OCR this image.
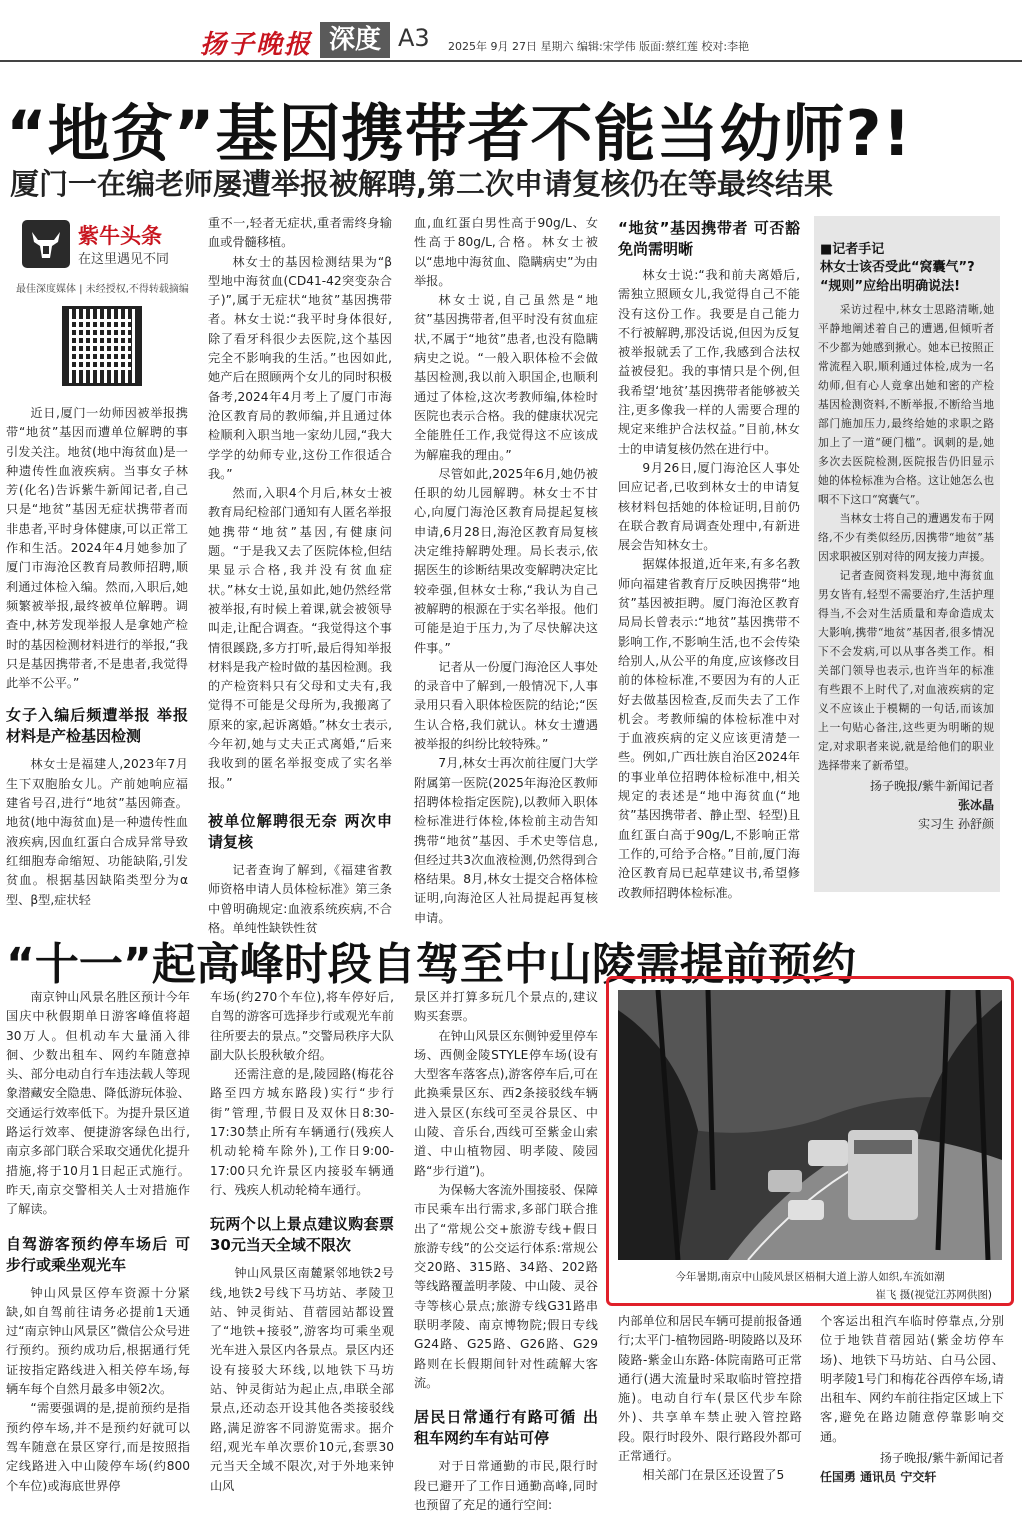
扬子晚报 深度 A3 2025年 9月 27日 星期六 编辑:宋学伟 版面:蔡红莲 校对:李艳
“地贫”基因携带者不能当幼师?!
厦门一在编老师屡遭举报被解聘,第二次申请复核仍在等最终结果
紫牛头条
在这里遇见不同
最佳深度媒体 | 未经授权,不得转载摘编

近日,厦门一幼师因被举报携带“地贫”基因而遭单位解聘的事引发关注。地贫(地中海贫血)是一种遗传性血液疾病。当事女子林芳(化名)告诉紫牛新闻记者,自己只是“地贫”基因无症状携带者而非患者,平时身体健康,可以正常工作和生活。2024年4月她参加了厦门市海沧区教育局教师招聘,顺利通过体检入编。然而,入职后,她频繁被举报,最终被单位解聘。调查中,林芳发现举报人是拿她产检时的基因检测材料进行的举报,“我只是基因携带者,不是患者,我觉得此举不公平。”

女子入编后频遭举报 举报材料是产检基因检测

林女士是福建人,2023年7月生下双胞胎女儿。产前她响应福建省号召,进行“地贫”基因筛查。地贫(地中海贫血)是一种遗传性血液疾病,因血红蛋白合成异常导致红细胞寿命缩短、功能缺陷,引发贫血。根据基因缺陷类型分为α型、β型,症状轻

重不一,轻者无症状,重者需终身输血或骨髓移植。

林女士的基因检测结果为“β型地中海贫血(CD41-42突变杂合子)”,属于无症状“地贫”基因携带者。林女士说:“我平时身体很好,除了看牙科很少去医院,这个基因完全不影响我的生活。”也因如此,她产后在照顾两个女儿的同时积极备考,2024年4月考上了厦门市海沧区教育局的教师编,并且通过体检顺利入职当地一家幼儿园,“我大学学的幼师专业,这份工作很适合我。”

然而,入职4个月后,林女士被教育局纪检部门通知有人匿名举报她携带“地贫”基因,有健康问题。“于是我又去了医院体检,但结果显示合格,我并没有贫血症状。”林女士说,虽如此,她仍然经常被举报,有时候上着课,就会被领导叫走,让配合调查。“我觉得这个事情很蹊跷,多方打听,最后得知举报材料是我产检时做的基因检测。我的产检资料只有父母和丈夫有,我觉得不可能是父母所为,我搬离了原来的家,起诉离婚。”林女士表示,今年初,她与丈夫正式离婚,“后来我收到的匿名举报变成了实名举报。”

被单位解聘很无奈 两次申请复核

记者查询了解到,《福建省教师资格申请人员体检标准》第三条中曾明确规定:血液系统疾病,不合格。单纯性缺铁性贫

血,血红蛋白男性高于90g/L、女性高于80g/L,合格。林女士被以“患地中海贫血、隐瞒病史”为由举报。

林女士说,自己虽然是“地贫”基因携带者,但平时没有贫血症状,不属于“地贫”患者,也没有隐瞒病史之说。“一般入职体检不会做基因检测,我以前入职国企,也顺利通过了体检,这次考教师编,体检时医院也表示合格。我的健康状况完全能胜任工作,我觉得这不应该成为解雇我的理由。”

尽管如此,2025年6月,她仍被任职的幼儿园解聘。林女士不甘心,向厦门海沧区教育局提起复核申请,6月28日,海沧区教育局复核决定维持解聘处理。局长表示,依据医生的诊断结果改变解聘决定比较牵强,但林女士称,“我认为自己被解聘的根源在于实名举报。他们可能是迫于压力,为了尽快解决这件事。”

记者从一份厦门海沧区人事处的录音中了解到,一般情况下,人事录用只看入职体检医院的结论;“医生认合格,我们就认。林女士遭遇被举报的纠纷比较特殊。”

7月,林女士再次前往厦门大学附属第一医院(2025年海沧区教师招聘体检指定医院),以教师入职体检标准进行体检,体检前主动告知携带“地贫”基因、手术史等信息,但经过共3次血液检测,仍然得到合格结果。8月,林女士提交合格体检证明,向海沧区人社局提起再复核申请。

“地贫”基因携带者 可否豁免尚需明晰

林女士说:“我和前夫离婚后,需独立照顾女儿,我觉得自己不能没有这份工作。我要是自己能力不行被解聘,那没话说,但因为反复被举报就丢了工作,我感到合法权益被侵犯。我的事情只是个例,但我希望‘地贫’基因携带者能够被关注,更多像我一样的人需要合理的规定来维护合法权益。”目前,林女士的申请复核仍然在进行中。

9月26日,厦门海沧区人事处回应记者,已收到林女士的申请复核材料包括她的体检证明,目前仍在联合教育局调查处理中,有新进展会告知林女士。

据媒体报道,近年来,有多名教师向福建省教育厅反映因携带“地贫”基因被拒聘。厦门海沧区教育局局长曾表示:“地贫”基因携带不影响工作,不影响生活,也不会传染给别人,从公平的角度,应该修改目前的体检标准,不要因为有的人正好去做基因检查,反而失去了工作机会。考教师编的体检标准中对于血液疾病的定义应该更清楚一些。例如,广西壮族自治区2024年的事业单位招聘体检标准中,相关规定的表述是“地中海贫血(“地贫”基因携带者、静止型、轻型)且血红蛋白高于90g/L,不影响正常工作的,可给予合格。”目前,厦门海沧区教育局已起草建议书,希望修改教师招聘体检标准。

■记者手记
林女士该否受此“窝囊气”? “规则”应给出明确说法!

采访过程中,林女士思路清晰,她平静地阐述着自己的遭遇,但倾听者不少都为她感到揪心。她本已按照正常流程入职,顺利通过体检,成为一名幼师,但有心人竟拿出她和密的产检基因检测资料,不断举报,不断给当地部门施加压力,最终给她的求职之路加上了一道“硬门槛”。讽刺的是,她多次去医院检测,医院报告仍旧显示她的体检标准为合格。这让她怎么也咽不下这口“窝囊气”。

当林女士将自己的遭遇发布于网络,不少有类似经历,因携带“地贫”基因求职被区别对待的网友接力声援。

记者查阅资料发现,地中海贫血男女皆有,轻型不需要治疗,生活护理得当,不会对生活质量和寿命造成太大影响,携带“地贫”基因者,很多情况下不会发病,可以从事各类工作。相关部门领导也表示,也许当年的标准有些跟不上时代了,对血液疾病的定义不应该止于模糊的一句话,而该加上一句贴心备注,这些更为明晰的规定,对求职者来说,就是给他们的职业选择带来了新希望。

扬子晚报/紫牛新闻记者
张冰晶
实习生 孙舒颜
“十一”起高峰时段自驾至中山陵需提前预约

南京钟山风景名胜区预计今年国庆中秋假期单日游客峰值将超30万人。但机动车大量涌入徘徊、少数出租车、网约车随意掉头、部分电动自行车违法载人等现象潜藏安全隐患、降低游玩体验、交通运行效率低下。为提升景区道路运行效率、便捷游客绿色出行,南京多部门联合采取交通优化提升措施,将于10月1日起正式施行。昨天,南京交警相关人士对措施作了解读。

自驾游客预约停车场后 可步行或乘坐观光车

钟山风景区停车资源十分紧缺,如自驾前往请务必提前1天通过“南京钟山风景区”微信公众号进行预约。预约成功后,根据通行凭证按指定路线进入相关停车场,每辆车每个自然月最多申领2次。

“需要强调的是,提前预约是指预约停车场,并不是预约好就可以驾车随意在景区穿行,而是按照指定线路进入中山陵停车场(约800个车位)或海底世界停

车场(约270个车位),将车停好后,自驾的游客可选择步行或观光车前往所要去的景点。”交警局秩序大队副大队长殷秋敏介绍。

还需注意的是,陵园路(梅花谷路至四方城东路段)实行“步行街”管理,节假日及双休日8:30-17:30禁止所有车辆通行(残疾人机动轮椅车除外),工作日9:00-17:00只允许景区内接驳车辆通行、残疾人机动轮椅车通行。

玩两个以上景点建议购套票 30元当天全域不限次

钟山风景区南麓紧邻地铁2号线,地铁2号线下马坊站、孝陵卫站、钟灵街站、苜蓿园站都设置了“地铁+接驳”,游客均可乘坐观光车进入景区内各景点。景区内还设有接驳大环线,以地铁下马坊站、钟灵街站为起止点,串联全部景点,还动态开设其他各类接驳线路,满足游客不同游览需求。据介绍,观光车单次票价10元,套票30元当天全域不限次,对于外地来钟山风

景区并打算多玩几个景点的,建议购买套票。

在钟山风景区东侧钟爱里停车场、西侧金陵STYLE停车场(设有大型客车落客点),游客停车后,可在此换乘景区东、西2条接驳线车辆进入景区(东线可至灵谷景区、中山陵、音乐台,西线可至紫金山索道、中山植物园、明孝陵、陵园路“步行道”)。

为保畅大客流外围接驳、保障市民乘车出行需求,多部门联合推出了“常规公交+旅游专线+假日旅游专线”的公交运行体系:常规公交20路、315路、34路、202路等线路覆盖明孝陵、中山陵、灵谷寺等核心景点;旅游专线G31路串联明孝陵、南京博物院;假日专线G24路、G25路、G26路、G29路则在长假期间针对性疏解大客流。

居民日常通行有路可循 出租车网约车有站可停

对于日常通勤的市民,限行时段已避开了工作日通勤高峰,同时也预留了充足的通行空间:

今年暑期,南京中山陵风景区梧桐大道上游人如织,车流如潮
崔飞 摄(视觉江苏网供图)

内部单位和居民车辆可提前报备通行;太平门-植物园路-明陵路以及环陵路-紫金山东路-体院南路可正常通行(遇大流量时采取临时管控措施)。电动自行车(景区代步车除外)、共享单车禁止驶入管控路段。限行时段外、限行路段外都可正常通行。

相关部门在景区还设置了5

个客运出租汽车临时停靠点,分别位于地铁苜蓿园站(紫金坊停车场)、地铁下马坊站、白马公园、明孝陵1号门和梅花谷西停车场,请出租车、网约车前往指定区域上下客,避免在路边随意停靠影响交通。

扬子晚报/紫牛新闻记者
任国勇 通讯员 宁交轩
